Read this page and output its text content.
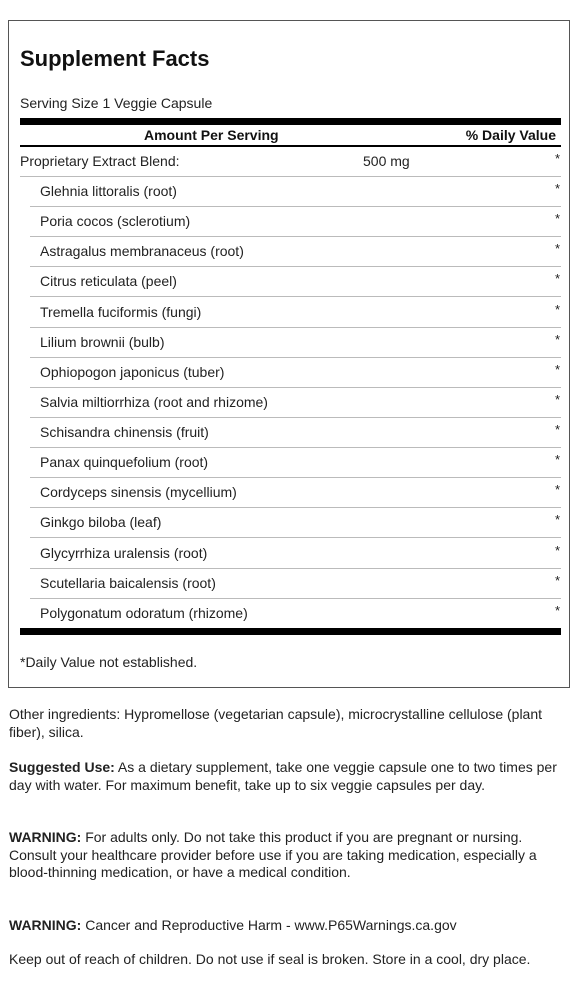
Supplement Facts
Serving Size 1 Veggie Capsule
Amount Per Serving	% Daily Value
Proprietary Extract Blend:	500 mg	*
Glehnia littoralis (root)	*
Poria cocos (sclerotium)	*
Astragalus membranaceus (root)	*
Citrus reticulata (peel)	*
Tremella fuciformis (fungi)	*
Lilium brownii (bulb)	*
Ophiopogon japonicus (tuber)	*
Salvia miltiorrhiza (root and rhizome)	*
Schisandra chinensis (fruit)	*
Panax quinquefolium (root)	*
Cordyceps sinensis (mycellium)	*
Ginkgo biloba (leaf)	*
Glycyrrhiza uralensis (root)	*
Scutellaria baicalensis (root)	*
Polygonatum odoratum (rhizome)	*
*Daily Value not established.

Other ingredients: Hypromellose (vegetarian capsule), microcrystalline cellulose (plant fiber), silica.

Suggested Use: As a dietary supplement, take one veggie capsule one to two times per day with water. For maximum benefit, take up to six veggie capsules per day.

WARNING: For adults only. Do not take this product if you are pregnant or nursing. Consult your healthcare provider before use if you are taking medication, especially a blood-thinning medication, or have a medical condition.

WARNING: Cancer and Reproductive Harm - www.P65Warnings.ca.gov

Keep out of reach of children. Do not use if seal is broken. Store in a cool, dry place.
